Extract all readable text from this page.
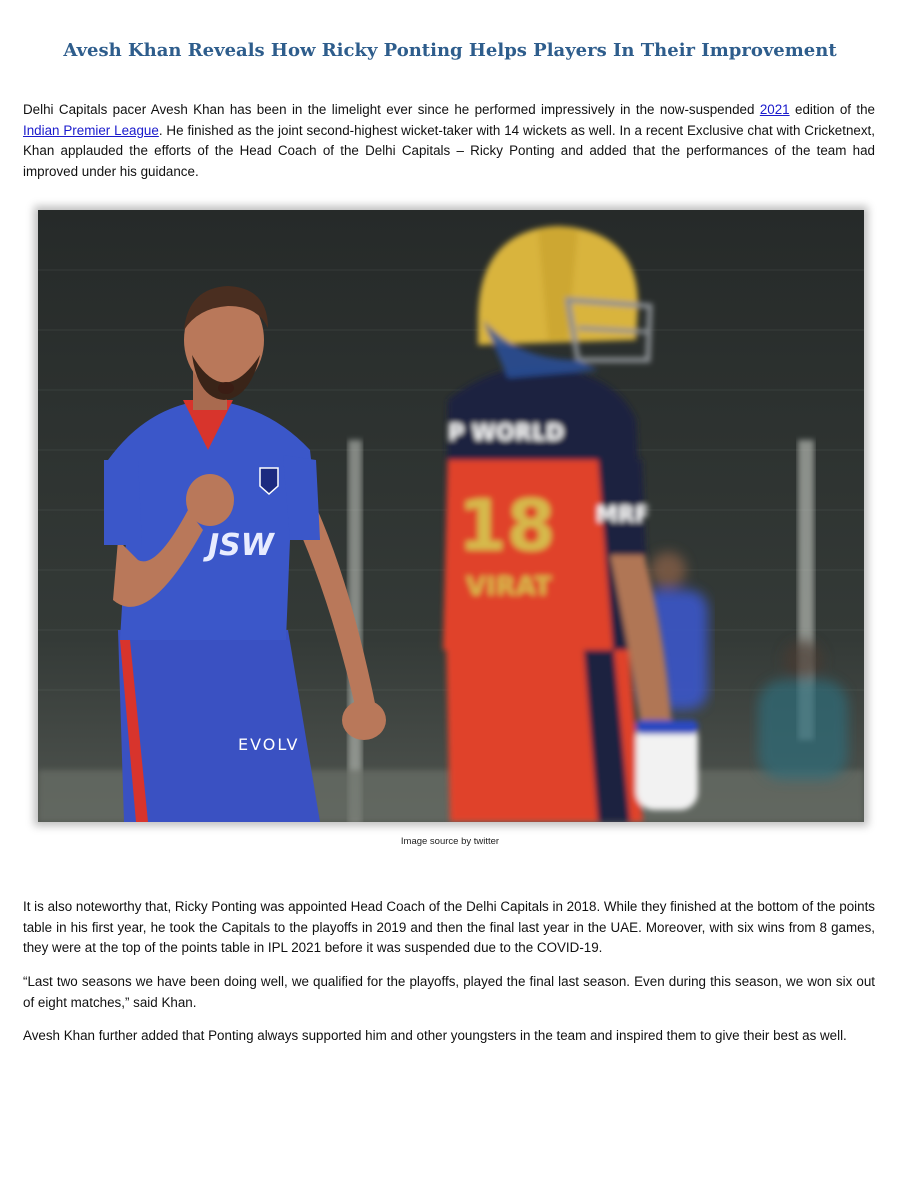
Avesh Khan Reveals How Ricky Ponting Helps Players In Their Improvement

Delhi Capitals pacer Avesh Khan has been in the limelight ever since he performed impressively in the now-suspended 2021 edition of the Indian Premier League. He finished as the joint second-highest wicket-taker with 14 wickets as well. In a recent Exclusive chat with Cricketnext, Khan applauded the efforts of the Head Coach of the Delhi Capitals – Ricky Ponting and added that the performances of the team had improved under his guidance.

JSW
EVOLV
18
VIRAT
P WORLD
MRF

Image source by twitter

It is also noteworthy that, Ricky Ponting was appointed Head Coach of the Delhi Capitals in 2018. While they finished at the bottom of the points table in his first year, he took the Capitals to the playoffs in 2019 and then the final last year in the UAE. Moreover, with six wins from 8 games, they were at the top of the points table in IPL 2021 before it was suspended due to the COVID-19.

“Last two seasons we have been doing well, we qualified for the playoffs, played the final last season. Even during this season, we won six out of eight matches,” said Khan.

Avesh Khan further added that Ponting always supported him and other youngsters in the team and inspired them to give their best as well.
